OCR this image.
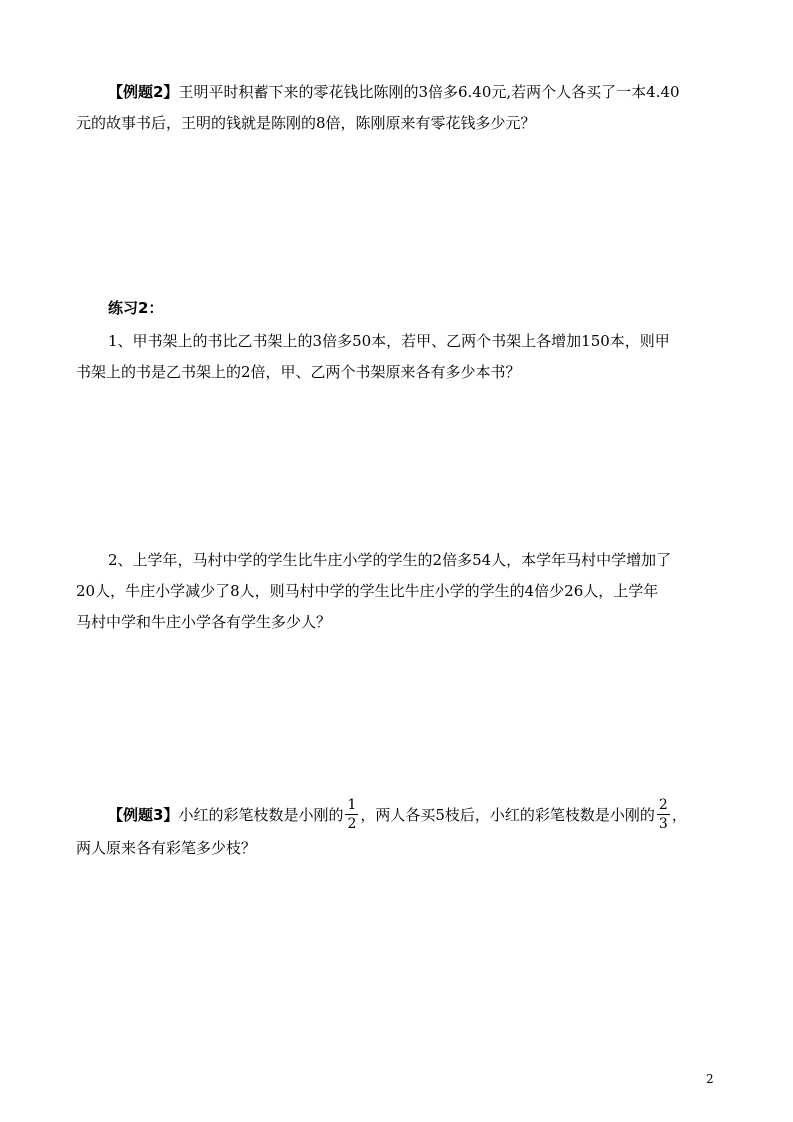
【例题2】王明平时积蓄下来的零花钱比陈刚的3倍多6.40元,若两个人各买了一本4.40
元的故事书后，王明的钱就是陈刚的8倍，陈刚原来有零花钱多少元？
练习2：
1、甲书架上的书比乙书架上的3倍多50本，若甲、乙两个书架上各增加150本，则甲
书架上的书是乙书架上的2倍，甲、乙两个书架原来各有多少本书？
2、上学年，马村中学的学生比牛庄小学的学生的2倍多54人，本学年马村中学增加了
20人，牛庄小学减少了8人，则马村中学的学生比牛庄小学的学生的4倍少26人，上学年
马村中学和牛庄小学各有学生多少人？
【例题3】小红的彩笔枝数是小刚的 $\frac{1}{2}$ ，两人各买5枝后，小红的彩笔枝数是小刚的 $\frac{2}{3}$ ，
两人原来各有彩笔多少枝？
2
